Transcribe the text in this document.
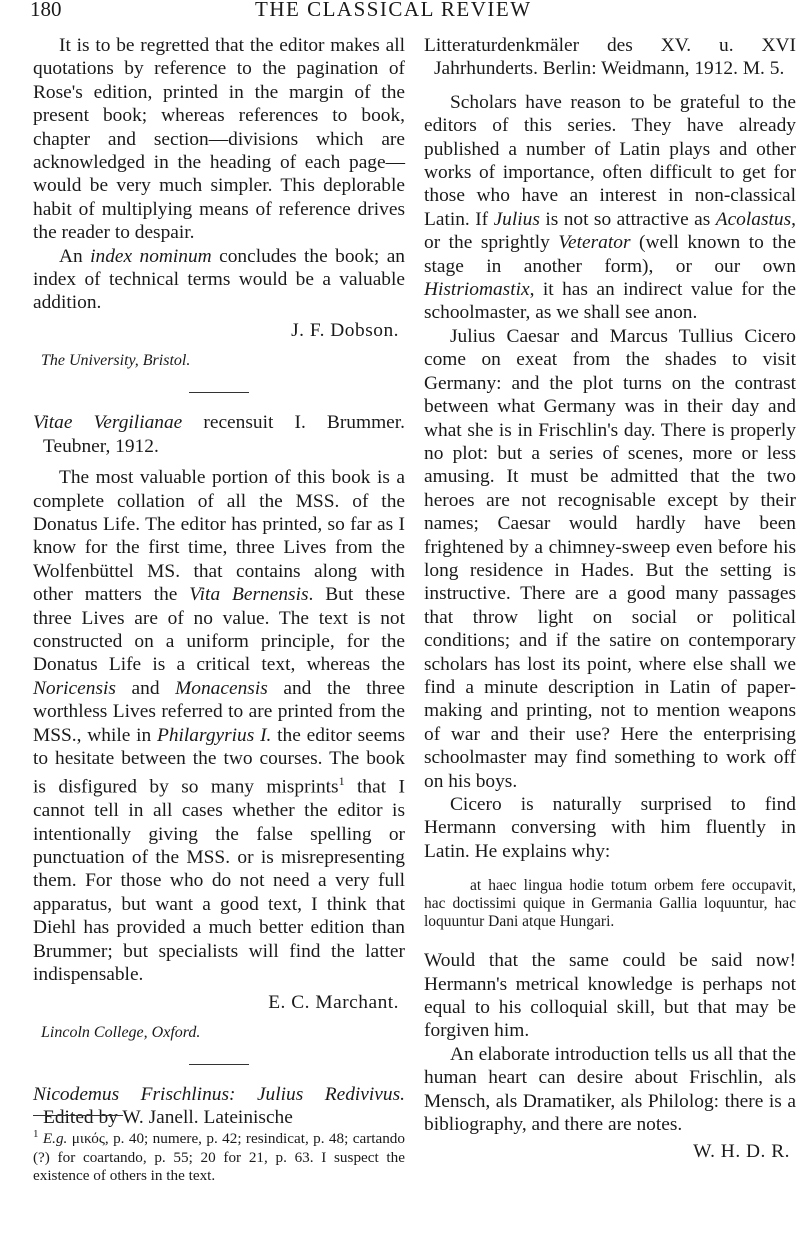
180	THE CLASSICAL REVIEW

It is to be regretted that the editor makes all quotations by reference to the pagination of Rose's edition, printed in the margin of the present book; whereas references to book, chapter and section—divisions which are acknowledged in the heading of each page—would be very much simpler. This deplorable habit of multiplying means of reference drives the reader to despair.

An index nominum concludes the book; an index of technical terms would be a valuable addition.

J. F. Dobson.
The University, Bristol.

Vitae Vergilianae recensuit I. Brummer. Teubner, 1912.

The most valuable portion of this book is a complete collation of all the MSS. of the Donatus Life. The editor has printed, so far as I know for the first time, three Lives from the Wolfenbüttel MS. that contains along with other matters the Vita Bernensis. But these three Lives are of no value. The text is not constructed on a uniform principle, for the Donatus Life is a critical text, whereas the Noricensis and Monacensis and the three worthless Lives referred to are printed from the MSS., while in Philargyrius I. the editor seems to hesitate between the two courses. The book is disfigured by so many misprints$^1$ that I cannot tell in all cases whether the editor is intentionally giving the false spelling or punctuation of the MSS. or is misrepresenting them. For those who do not need a very full apparatus, but want a good text, I think that Diehl has provided a much better edition than Brummer; but specialists will find the latter indispensable.

E. C. Marchant.
Lincoln College, Oxford.

Nicodemus Frischlinus: Julius Redivivus. Edited by W. Janell. Lateinische

Litteraturdenkmäler des XV. u. XVI Jahrhunderts. Berlin: Weidmann, 1912. M. 5.

Scholars have reason to be grateful to the editors of this series. They have already published a number of Latin plays and other works of importance, often difficult to get for those who have an interest in non-classical Latin. If Julius is not so attractive as Acolastus, or the sprightly Veterator (well known to the stage in another form), or our own Histriomastix, it has an indirect value for the schoolmaster, as we shall see anon.

Julius Caesar and Marcus Tullius Cicero come on exeat from the shades to visit Germany: and the plot turns on the contrast between what Germany was in their day and what she is in Frischlin's day. There is properly no plot: but a series of scenes, more or less amusing. It must be admitted that the two heroes are not recognisable except by their names; Caesar would hardly have been frightened by a chimney-sweep even before his long residence in Hades. But the setting is instructive. There are a good many passages that throw light on social or political conditions; and if the satire on contemporary scholars has lost its point, where else shall we find a minute description in Latin of paper-making and printing, not to mention weapons of war and their use? Here the enterprising schoolmaster may find something to work off on his boys.

Cicero is naturally surprised to find Hermann conversing with him fluently in Latin. He explains why:

at haec lingua hodie totum orbem fere occupavit, hac doctissimi quique in Germania Gallia loquuntur, hac loquuntur Dani atque Hungari.

Would that the same could be said now! Hermann's metrical knowledge is perhaps not equal to his colloquial skill, but that may be forgiven him.

An elaborate introduction tells us all that the human heart can desire about Frischlin, als Mensch, als Dramatiker, als Philolog: there is a bibliography, and there are notes.

W. H. D. R.
$^1$ E.g. μικός, p. 40; numere, p. 42; resindicat, p. 48; cartando (?) for coartando, p. 55; 20 for 21, p. 63. I suspect the existence of others in the text.
